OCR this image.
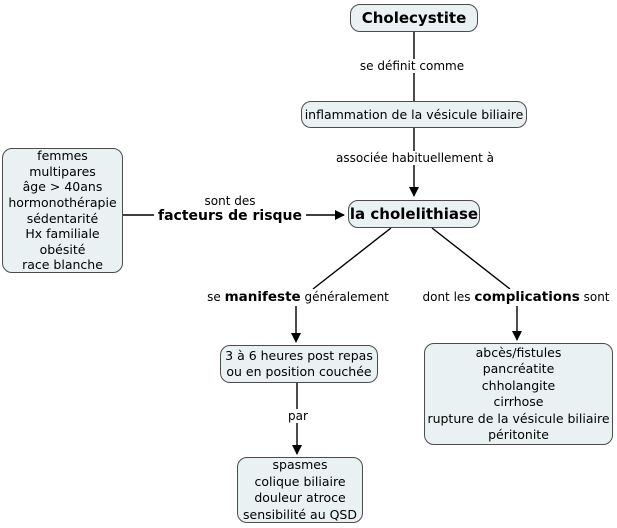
Cholecystite
inflammation de la vésicule biliaire
la cholelithiase
femmes
multipares
âge > 40ans
hormonothérapie
sédentarité
Hx familiale
obésité
race blanche
3 à 6 heures post repas
ou en position couchée
abcès/fistules
pancréatite
chholangite
cirrhose
rupture de la vésicule biliaire
péritonite
spasmes
colique biliaire
douleur atroce
sensibilité au QSD
se définit comme
associée habituellement à
sont des
facteurs de risque
se manifeste généralement	dont les complications sont
par
